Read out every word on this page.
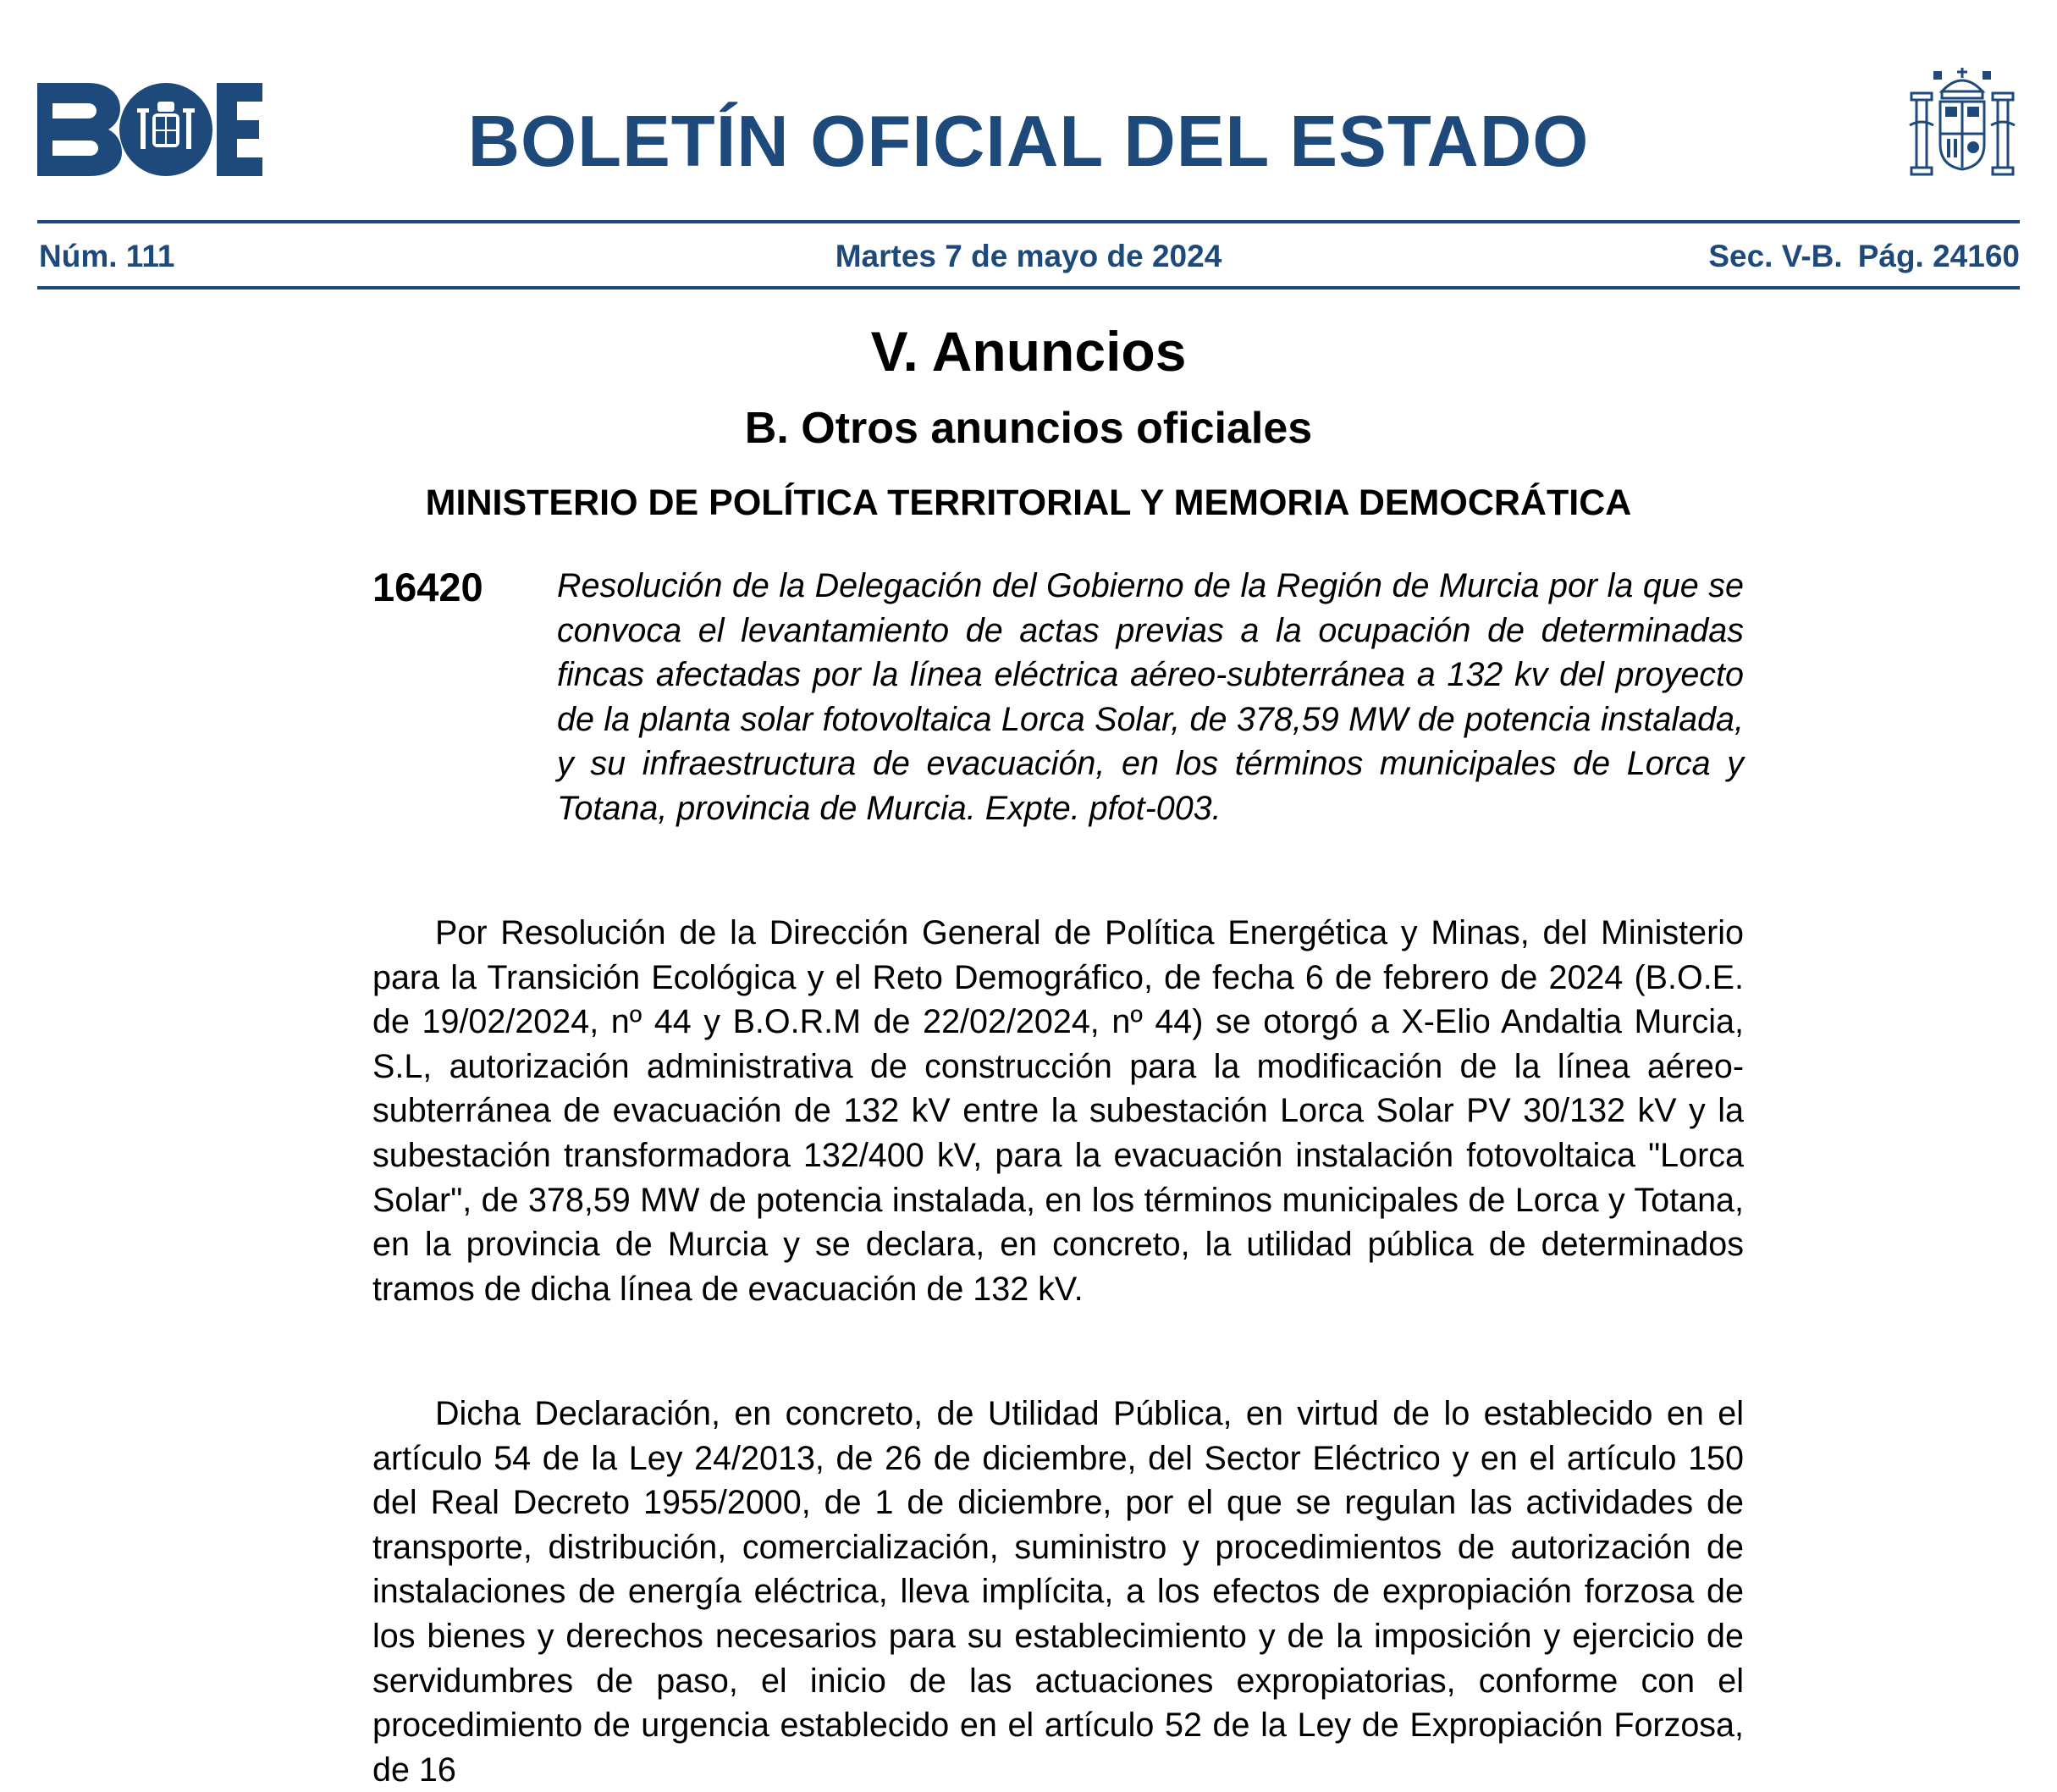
BOLETÍN OFICIAL DEL ESTADO
Núm. 111	Martes 7 de mayo de 2024	Sec. V-B. Pág. 24160
V. Anuncios
B. Otros anuncios oficiales
MINISTERIO DE POLÍTICA TERRITORIAL Y MEMORIA DEMOCRÁTICA
16420 Resolución de la Delegación del Gobierno de la Región de Murcia por la que se convoca el levantamiento de actas previas a la ocupación de determinadas fincas afectadas por la línea eléctrica aéreo-subterránea a 132 kv del proyecto de la planta solar fotovoltaica Lorca Solar, de 378,59 MW de potencia instalada, y su infraestructura de evacuación, en los términos municipales de Lorca y Totana, provincia de Murcia. Expte. pfot-003.
Por Resolución de la Dirección General de Política Energética y Minas, del Ministerio para la Transición Ecológica y el Reto Demográfico, de fecha 6 de febrero de 2024 (B.O.E. de 19/02/2024, nº 44 y B.O.R.M de 22/02/2024, nº 44) se otorgó a X-Elio Andaltia Murcia, S.L, autorización administrativa de construcción para la modificación de la línea aéreo-subterránea de evacuación de 132 kV entre la subestación Lorca Solar PV 30/132 kV y la subestación transformadora 132/400 kV, para la evacuación instalación fotovoltaica "Lorca Solar", de 378,59 MW de potencia instalada, en los términos municipales de Lorca y Totana, en la provincia de Murcia y se declara, en concreto, la utilidad pública de determinados tramos de dicha línea de evacuación de 132 kV.
Dicha Declaración, en concreto, de Utilidad Pública, en virtud de lo establecido en el artículo 54 de la Ley 24/2013, de 26 de diciembre, del Sector Eléctrico y en el artículo 150 del Real Decreto 1955/2000, de 1 de diciembre, por el que se regulan las actividades de transporte, distribución, comercialización, suministro y procedimientos de autorización de instalaciones de energía eléctrica, lleva implícita, a los efectos de expropiación forzosa de los bienes y derechos necesarios para su establecimiento y de la imposición y ejercicio de servidumbres de paso, el inicio de las actuaciones expropiatorias, conforme con el procedimiento de urgencia establecido en el artículo 52 de la Ley de Expropiación Forzosa, de 16
